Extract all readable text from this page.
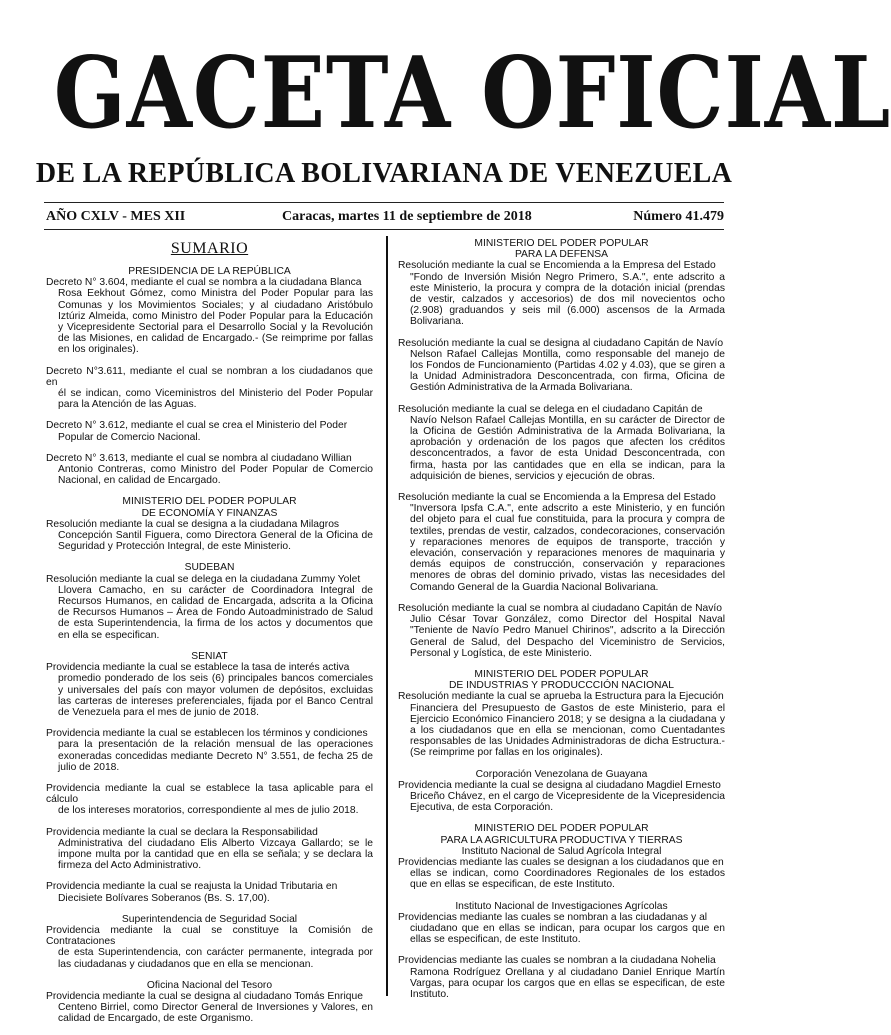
GACETA OFICIAL
DE LA REPÚBLICA BOLIVARIANA DE VENEZUELA
AÑO CXLV - MES XII	Caracas, martes 11 de septiembre de 2018	Número 41.479
SUMARIO
PRESIDENCIA DE LA REPÚBLICA
Decreto N° 3.604, mediante el cual se nombra a la ciudadana Blanca
Rosa Eekhout Gómez, como Ministra del Poder Popular para las Comunas y los Movimientos Sociales; y al ciudadano Aristóbulo Iztúriz Almeida, como Ministro del Poder Popular para la Educación y Vicepresidente Sectorial para el Desarrollo Social y la Revolución de las Misiones, en calidad de Encargado.- (Se reimprime por fallas en los originales).
Decreto N°3.611, mediante el cual se nombran a los ciudadanos que en
él se indican, como Viceministros del Ministerio del Poder Popular para la Atención de las Aguas.
Decreto N° 3.612, mediante el cual se crea el Ministerio del Poder
Popular de Comercio Nacional.
Decreto N° 3.613, mediante el cual se nombra al ciudadano Willian
Antonio Contreras, como Ministro del Poder Popular de Comercio Nacional, en calidad de Encargado.
MINISTERIO DEL PODER POPULAR
DE ECONOMÍA Y FINANZAS
Resolución mediante la cual se designa a la ciudadana Milagros
Concepción Santil Figuera, como Directora General de la Oficina de Seguridad y Protección Integral, de este Ministerio.
SUDEBAN
Resolución mediante la cual se delega en la ciudadana Zummy Yolet
Llovera Camacho, en su carácter de Coordinadora Integral de Recursos Humanos, en calidad de Encargada, adscrita a la Oficina de Recursos Humanos – Área de Fondo Autoadministrado de Salud de esta Superintendencia, la firma de los actos y documentos que en ella se especifican.
SENIAT
Providencia mediante la cual se establece la tasa de interés activa
promedio ponderado de los seis (6) principales bancos comerciales y universales del país con mayor volumen de depósitos, excluidas las carteras de intereses preferenciales, fijada por el Banco Central de Venezuela para el mes de junio de 2018.
Providencia mediante la cual se establecen los términos y condiciones
para la presentación de la relación mensual de las operaciones exoneradas concedidas mediante Decreto N° 3.551, de fecha 25 de julio de 2018.
Providencia mediante la cual se establece la tasa aplicable para el cálculo
de los intereses moratorios, correspondiente al mes de julio 2018.
Providencia mediante la cual se declara la Responsabilidad
Administrativa del ciudadano Elis Alberto Vizcaya Gallardo; se le impone multa por la cantidad que en ella se señala; y se declara la firmeza del Acto Administrativo.
Providencia mediante la cual se reajusta la Unidad Tributaria en
Diecisiete Bolívares Soberanos (Bs. S. 17,00).
Superintendencia de Seguridad Social
Providencia mediante la cual se constituye la Comisión de Contrataciones
de esta Superintendencia, con carácter permanente, integrada por las ciudadanas y ciudadanos que en ella se mencionan.
Oficina Nacional del Tesoro
Providencia mediante la cual se designa al ciudadano Tomás Enrique
Centeno Birriel, como Director General de Inversiones y Valores, en calidad de Encargado, de este Organismo.
MINISTERIO DEL PODER POPULAR
PARA LA DEFENSA
Resolución mediante la cual se Encomienda a la Empresa del Estado
"Fondo de Inversión Misión Negro Primero, S.A.", ente adscrito a este Ministerio, la procura y compra de la dotación inicial (prendas de vestir, calzados y accesorios) de dos mil novecientos ocho (2.908) graduandos y seis mil (6.000) ascensos de la Armada Bolivariana.
Resolución mediante la cual se designa al ciudadano Capitán de Navío
Nelson Rafael Callejas Montilla, como responsable del manejo de los Fondos de Funcionamiento (Partidas 4.02 y 4.03), que se giren a la Unidad Administradora Desconcentrada, con firma, Oficina de Gestión Administrativa de la Armada Bolivariana.
Resolución mediante la cual se delega en el ciudadano Capitán de
Navío Nelson Rafael Callejas Montilla, en su carácter de Director de la Oficina de Gestión Administrativa de la Armada Bolivariana, la aprobación y ordenación de los pagos que afecten los créditos desconcentrados, a favor de esta Unidad Desconcentrada, con firma, hasta por las cantidades que en ella se indican, para la adquisición de bienes, servicios y ejecución de obras.
Resolución mediante la cual se Encomienda a la Empresa del Estado
"Inversora Ipsfa C.A.", ente adscrito a este Ministerio, y en función del objeto para el cual fue constituida, para la procura y compra de textiles, prendas de vestir, calzados, condecoraciones, conservación y reparaciones menores de equipos de transporte, tracción y elevación, conservación y reparaciones menores de maquinaria y demás equipos de construcción, conservación y reparaciones menores de obras del dominio privado, vistas las necesidades del Comando General de la Guardia Nacional Bolivariana.
Resolución mediante la cual se nombra al ciudadano Capitán de Navío
Julio César Tovar González, como Director del Hospital Naval "Teniente de Navío Pedro Manuel Chirinos", adscrito a la Dirección General de Salud, del Despacho del Viceministro de Servicios, Personal y Logística, de este Ministerio.
MINISTERIO DEL PODER POPULAR
DE INDUSTRIAS Y PRODUCCCIÓN NACIONAL
Resolución mediante la cual se aprueba la Estructura para la Ejecución
Financiera del Presupuesto de Gastos de este Ministerio, para el Ejercicio Económico Financiero 2018; y se designa a la ciudadana y a los ciudadanos que en ella se mencionan, como Cuentadantes responsables de las Unidades Administradoras de dicha Estructura.-(Se reimprime por fallas en los originales).
Corporación Venezolana de Guayana
Providencia mediante la cual se designa al ciudadano Magdiel Ernesto
Briceño Chávez, en el cargo de Vicepresidente de la Vicepresidencia Ejecutiva, de esta Corporación.
MINISTERIO DEL PODER POPULAR
PARA LA AGRICULTURA PRODUCTIVA Y TIERRAS
Instituto Nacional de Salud Agrícola Integral
Providencias mediante las cuales se designan a los ciudadanos que en
ellas se indican, como Coordinadores Regionales de los estados que en ellas se especifican, de este Instituto.
Instituto Nacional de Investigaciones Agrícolas
Providencias mediante las cuales se nombran a las ciudadanas y al
ciudadano que en ellas se indican, para ocupar los cargos que en ellas se especifican, de este Instituto.
Providencias mediante las cuales se nombran a la ciudadana Nohelia
Ramona Rodríguez Orellana y al ciudadano Daniel Enrique Martín Vargas, para ocupar los cargos que en ellas se especifican, de este Instituto.
